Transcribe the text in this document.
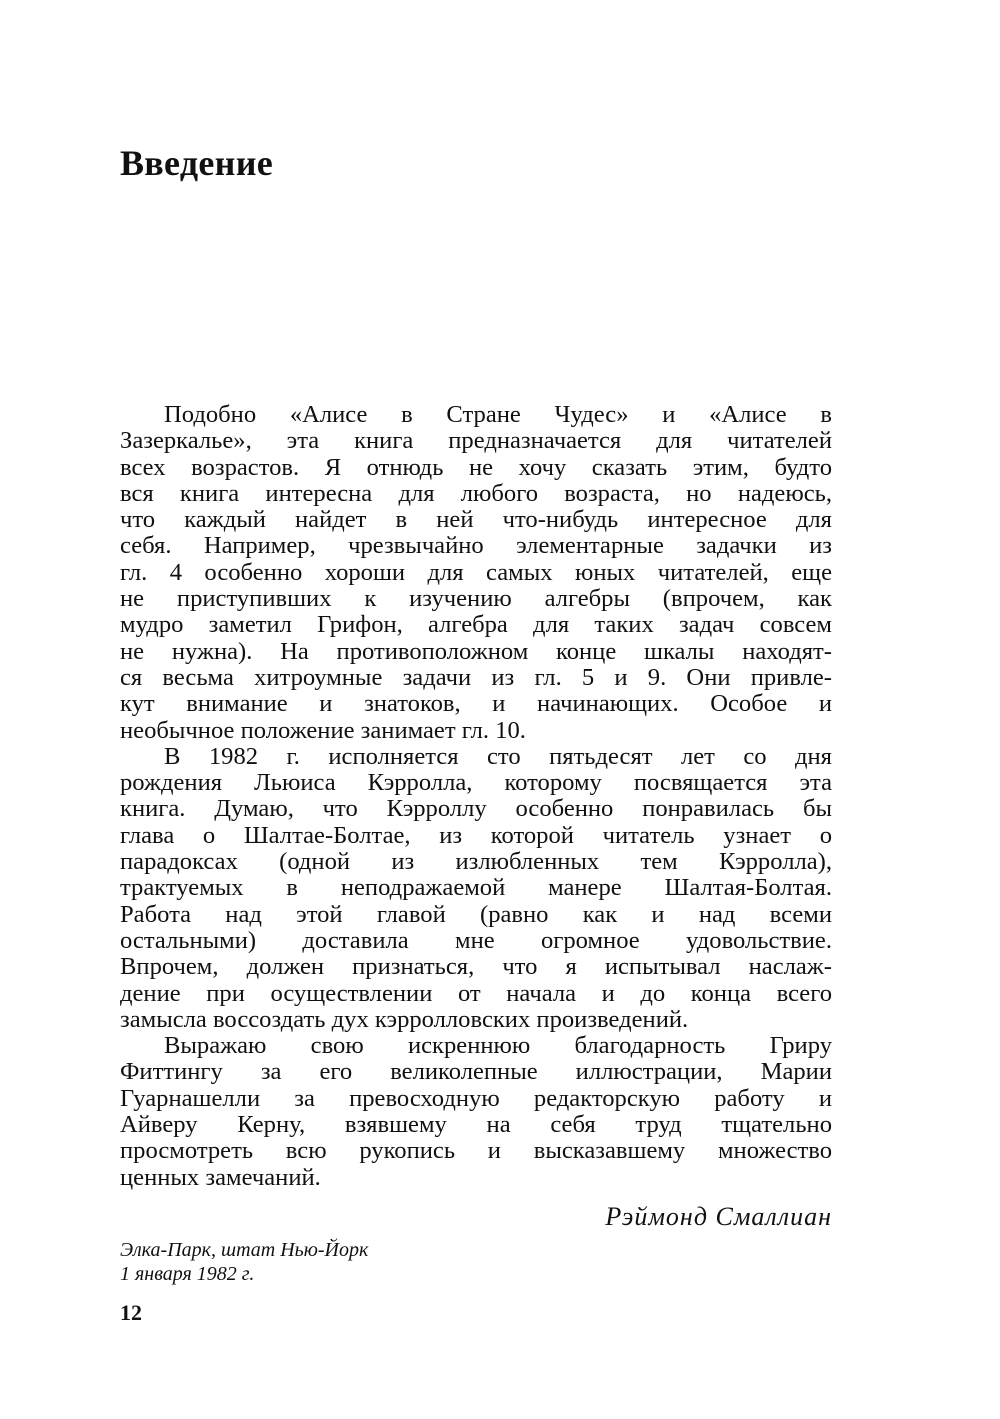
Введение
Подобно «Алисе в Стране Чудес» и «Алисе в
Зазеркалье», эта книга предназначается для читателей
всех возрастов. Я отнюдь не хочу сказать этим, будто
вся книга интересна для любого возраста, но надеюсь,
что каждый найдет в ней что-нибудь интересное для
себя. Например, чрезвычайно элементарные задачки из
гл. 4 особенно хороши для самых юных читателей, еще
не приступивших к изучению алгебры (впрочем, как
мудро заметил Грифон, алгебра для таких задач совсем
не нужна). На противоположном конце шкалы находят-
ся весьма хитроумные задачи из гл. 5 и 9. Они привле-
кут внимание и знатоков, и начинающих. Особое и
необычное положение занимает гл. 10.
В 1982 г. исполняется сто пятьдесят лет со дня
рождения Льюиса Кэрролла, которому посвящается эта
книга. Думаю, что Кэрроллу особенно понравилась бы
глава о Шалтае-Болтае, из которой читатель узнает о
парадоксах (одной из излюбленных тем Кэрролла),
трактуемых в неподражаемой манере Шалтая-Болтая.
Работа над этой главой (равно как и над всеми
остальными) доставила мне огромное удовольствие.
Впрочем, должен признаться, что я испытывал наслаж-
дение при осуществлении от начала и до конца всего
замысла воссоздать дух кэрролловских произведений.
Выражаю свою искреннюю благодарность Гриру
Фиттингу за его великолепные иллюстрации, Марии
Гуарнашелли за превосходную редакторскую работу и
Айверу Керну, взявшему на себя труд тщательно
просмотреть всю рукопись и высказавшему множество
ценных замечаний.
Рэймонд Смаллиан
Элка-Парк, штат Нью-Йорк
1 января 1982 г.
12
